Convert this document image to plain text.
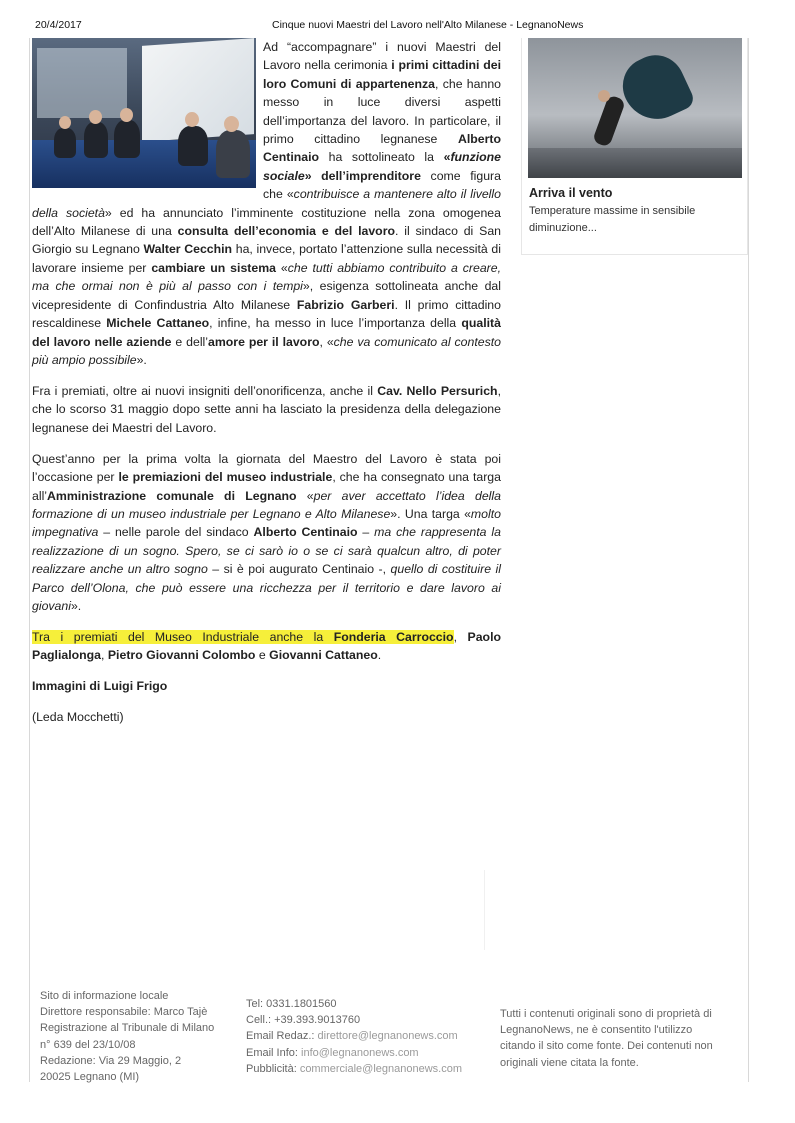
20/4/2017	Cinque nuovi Maestri del Lavoro nell'Alto Milanese - LegnanoNews

Ad “accompagnare” i nuovi Maestri del Lavoro nella cerimonia i primi cittadini dei loro Comuni di appartenenza, che hanno messo in luce diversi aspetti dell’importanza del lavoro. In particolare, il primo cittadino legnanese Alberto Centinaio ha sottolineato la «funzione sociale» dell’imprenditore come figura che «contribuisce a mantenere alto il livello della società» ed ha annunciato l’imminente costituzione nella zona omogenea dell’Alto Milanese di una consulta dell’economia e del lavoro. il sindaco di San Giorgio su Legnano Walter Cecchin ha, invece, portato l’attenzione sulla necessità di lavorare insieme per cambiare un sistema «che tutti abbiamo contribuito a creare, ma che ormai non è più al passo con i tempi», esigenza sottolineata anche dal vicepresidente di Confindustria Alto Milanese Fabrizio Garberi. Il primo cittadino rescaldinese Michele Cattaneo, infine, ha messo in luce l’importanza della qualità del lavoro nelle aziende e dell’amore per il lavoro, «che va comunicato al contesto più ampio possibile».

Fra i premiati, oltre ai nuovi insigniti dell’onorificenza, anche il Cav. Nello Persurich, che lo scorso 31 maggio dopo sette anni ha lasciato la presidenza della delegazione legnanese dei Maestri del Lavoro.

Quest’anno per la prima volta la giornata del Maestro del Lavoro è stata poi l’occasione per le premiazioni del museo industriale, che ha consegnato una targa all’Amministrazione comunale di Legnano «per aver accettato l’idea della formazione di un museo industriale per Legnano e Alto Milanese». Una targa «molto impegnativa – nelle parole del sindaco Alberto Centinaio – ma che rappresenta la realizzazione di un sogno. Spero, se ci sarò io o se ci sarà qualcun altro, di poter realizzare anche un altro sogno – si è poi augurato Centinaio -, quello di costituire il Parco dell’Olona, che può essere una ricchezza per il territorio e dare lavoro ai giovani».

Tra i premiati del Museo Industriale anche la Fonderia Carroccio, Paolo Paglialonga, Pietro Giovanni Colombo e Giovanni Cattaneo.

Immagini di Luigi Frigo

(Leda Mocchetti)

Arriva il vento
Temperature massime in sensibile diminuzione...
Sito di informazione locale
Direttore responsabile: Marco Tajè
Registrazione al Tribunale di Milano
n° 639 del 23/10/08
Redazione: Via 29 Maggio, 2
20025 Legnano (MI)
Tel: 0331.1801560
Cell.: +39.393.9013760
Email Redaz.: direttore@legnanonews.com
Email Info: info@legnanonews.com
Pubblicità: commerciale@legnanonews.com
Tutti i contenuti originali sono di proprietà di LegnanoNews, ne è consentito l'utilizzo citando il sito come fonte. Dei contenuti non originali viene citata la fonte.
